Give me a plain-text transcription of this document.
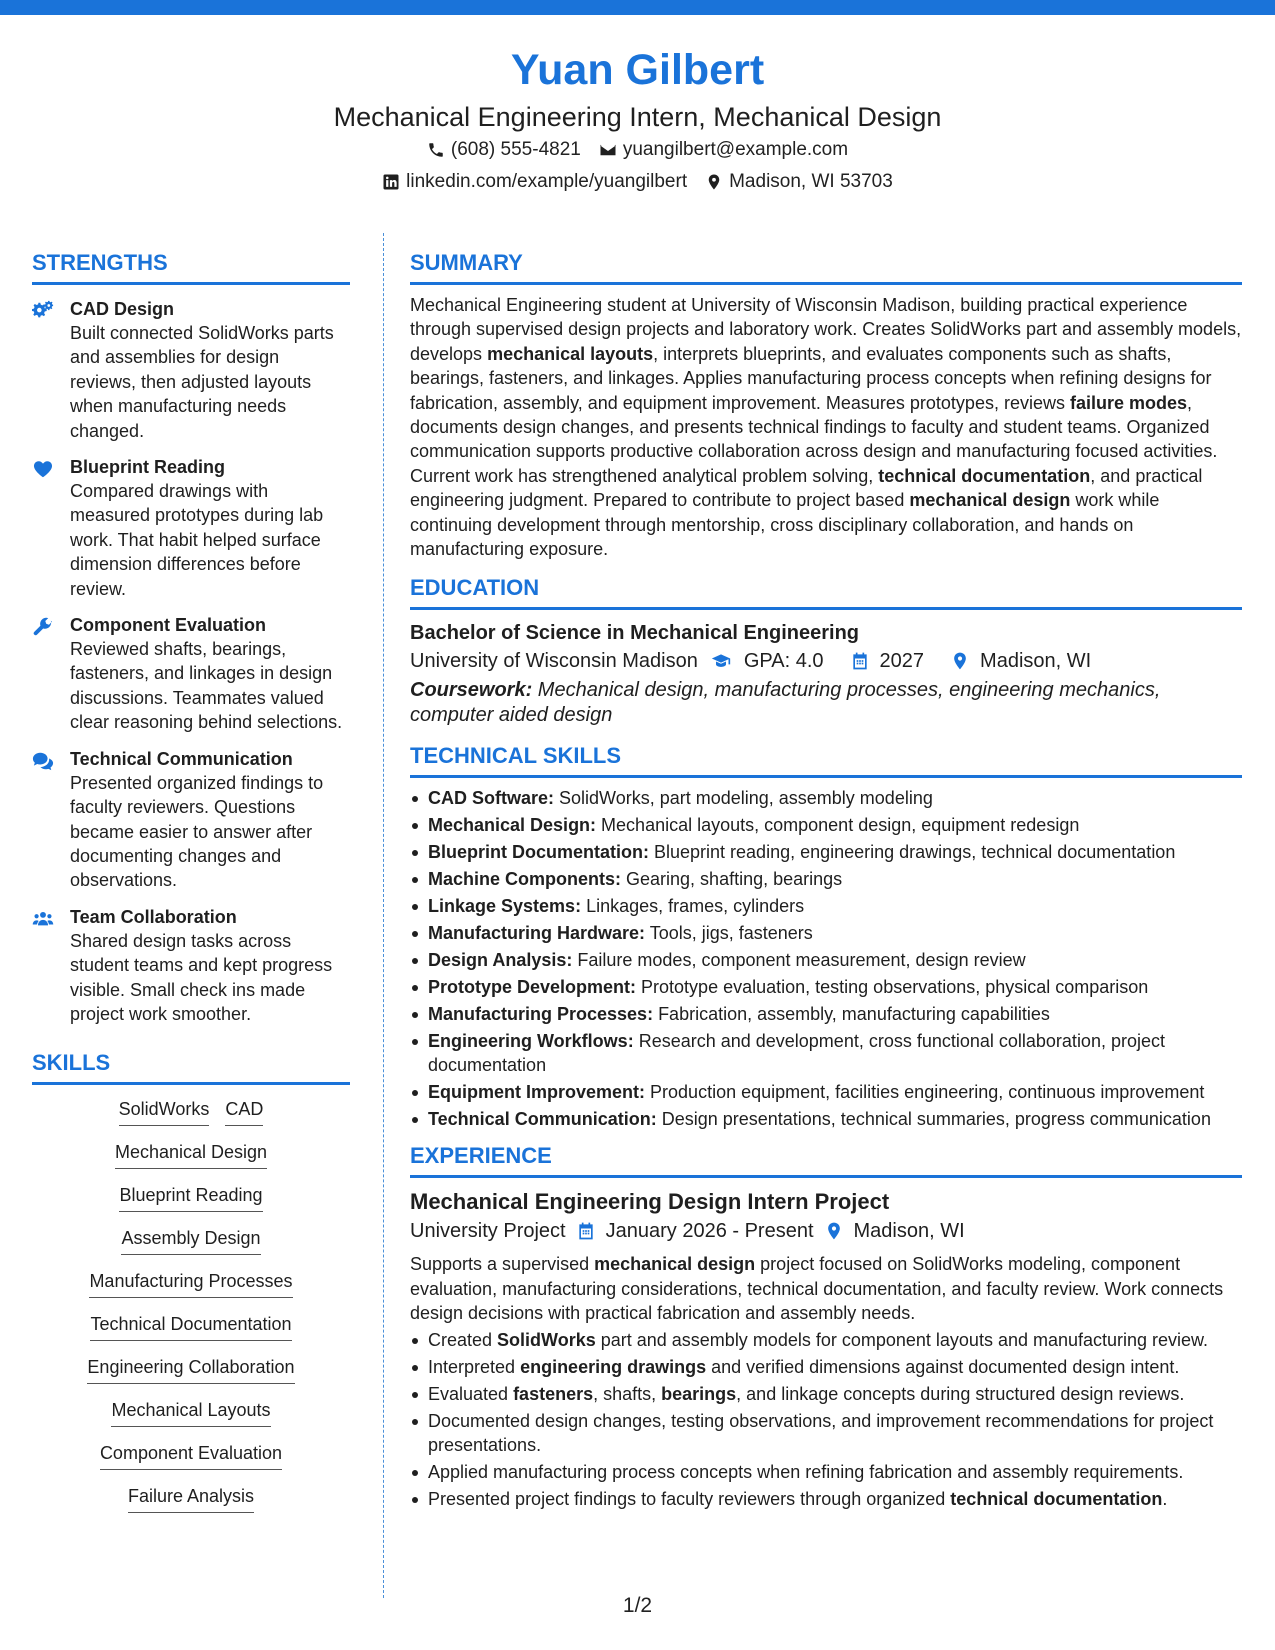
Yuan Gilbert
Mechanical Engineering Intern, Mechanical Design
(608) 555-4821 yuangilbert@example.com
linkedin.com/example/yuangilbert Madison, WI 53703
STRENGTHS
CAD Design
Built connected SolidWorks parts and assemblies for design reviews, then adjusted layouts when manufacturing needs changed.
Blueprint Reading
Compared drawings with measured prototypes during lab work. That habit helped surface dimension differences before review.
Component Evaluation
Reviewed shafts, bearings, fasteners, and linkages in design discussions. Teammates valued clear reasoning behind selections.
Technical Communication
Presented organized findings to faculty reviewers. Questions became easier to answer after documenting changes and observations.
Team Collaboration
Shared design tasks across student teams and kept progress visible. Small check ins made project work smoother.
SKILLS
SolidWorks CAD
Mechanical Design
Blueprint Reading
Assembly Design
Manufacturing Processes
Technical Documentation
Engineering Collaboration
Mechanical Layouts
Component Evaluation
Failure Analysis
SUMMARY
Mechanical Engineering student at University of Wisconsin Madison, building practical experience through supervised design projects and laboratory work. Creates SolidWorks part and assembly models, develops mechanical layouts, interprets blueprints, and evaluates components such as shafts, bearings, fasteners, and linkages. Applies manufacturing process concepts when refining designs for fabrication, assembly, and equipment improvement. Measures prototypes, reviews failure modes, documents design changes, and presents technical findings to faculty and student teams. Organized communication supports productive collaboration across design and manufacturing focused activities. Current work has strengthened analytical problem solving, technical documentation, and practical engineering judgment. Prepared to contribute to project based mechanical design work while continuing development through mentorship, cross disciplinary collaboration, and hands on manufacturing exposure.
EDUCATION
Bachelor of Science in Mechanical Engineering
University of Wisconsin Madison GPA: 4.0	2027	Madison, WI
Coursework: Mechanical design, manufacturing processes, engineering mechanics, computer aided design
TECHNICAL SKILLS
CAD Software: SolidWorks, part modeling, assembly modeling
Mechanical Design: Mechanical layouts, component design, equipment redesign
Blueprint Documentation: Blueprint reading, engineering drawings, technical documentation
Machine Components: Gearing, shafting, bearings
Linkage Systems: Linkages, frames, cylinders
Manufacturing Hardware: Tools, jigs, fasteners
Design Analysis: Failure modes, component measurement, design review
Prototype Development: Prototype evaluation, testing observations, physical comparison
Manufacturing Processes: Fabrication, assembly, manufacturing capabilities
Engineering Workflows: Research and development, cross functional collaboration, project documentation
Equipment Improvement: Production equipment, facilities engineering, continuous improvement
Technical Communication: Design presentations, technical summaries, progress communication
EXPERIENCE
Mechanical Engineering Design Intern Project
University Project January 2026 - Present Madison, WI
Supports a supervised mechanical design project focused on SolidWorks modeling, component evaluation, manufacturing considerations, technical documentation, and faculty review. Work connects design decisions with practical fabrication and assembly needs.
Created SolidWorks part and assembly models for component layouts and manufacturing review.
Interpreted engineering drawings and verified dimensions against documented design intent.
Evaluated fasteners, shafts, bearings, and linkage concepts during structured design reviews.
Documented design changes, testing observations, and improvement recommendations for project presentations.
Applied manufacturing process concepts when refining fabrication and assembly requirements.
Presented project findings to faculty reviewers through organized technical documentation.
1/2
